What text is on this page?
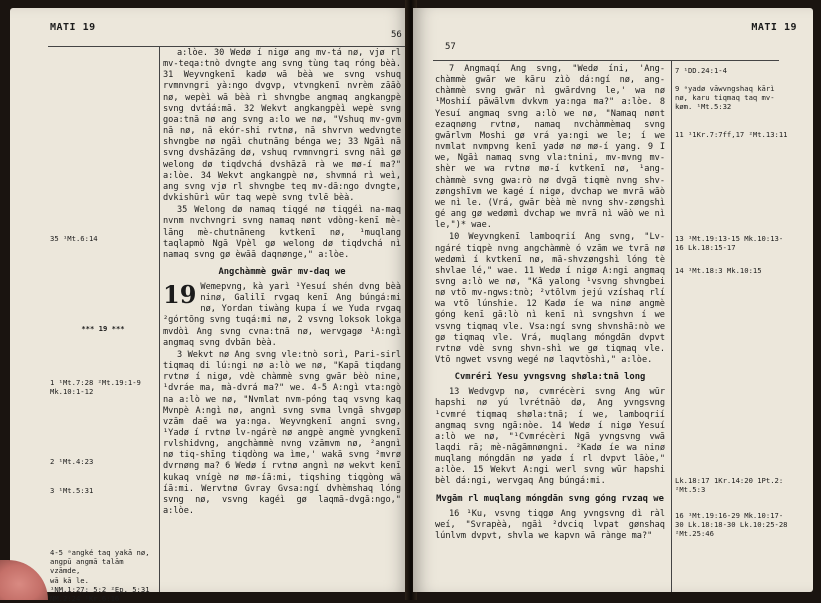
MATI 19
56
35 ¹Mt.6:14
*** 19 ***
1 ¹Mt.7:28 ²Mt.19:1-9
Mk.10:1-12
2 ¹Mt.4:23
3 ¹Mt.5:31
4-5 ᵃangké taq yakā nø,
angpū angmā talām vzāmde,
wā kā le.
¹NM.1:27; 5:2 ²Ep. 5:31
NM.2:24 ¹Kr.6:16

a:lòe. 30 Wedø í nigø ang mv-tá nø, vjø rl mv-teqa:tnò dvngte ang svng tùng taq róng bèà. 31 Weyvngkenī kadø wā bèà we svng vshuq rvmnvngri yà:ngo dvgvp, vtvngkenī nvrèm zāāò nø, wepèì wā bèà rì shvngbe angmaq angkangpè svng dvtáá:mā. 32 Wekvt angkangpèì wepè svng goa:tnā nø ang svng a:lo we nø, "Vshuq mv-gvm nā nø, nā ekór-shi rvtnø, nā shvrvn wedvngte shvngbe nø ngāì chutnāng bénga we; 33 Ngāì nā svng dvshāzāng dø, vshuq rvmnvngri svng nāì gø welong dø tiqdvchá dvshāzā rà we mø-í ma?" a:lòe. 34 Wekvt angkangpè nø, shvmná rì weì, ang svng vjø rl shvngbe teq mv-dā:ngo dvngte, dvkishūrì wūr taq wepè svng tvlē bèà.

35 Welong dø namaq tiqgé nø tiqgéì na-maq nvnm nvchvngri svng namaq nønt vdòng-kenī mè-lāng mè-chutnāneng kvtkenī nø, ¹muqlang taqlapmò Ngā Vpèl gø welong dø tiqdvchá nì namaq svng gø èwāā daqnønge," a:lòe.

Angchàmmè gwār mv-daq we

19 Wemepvng, kà yarì ¹Yesuí shén dvng bèà ninø, Galilī rvgaq kenī Ang búngá:mi nø, Yordan tiwàng kupa í we Yuda rvgaq ²górtōng svng tuqá:mi nø, 2 vsvng loksok lokga mvdòì Ang svng cvna:tnā nø, wervgagø ¹A:ngì angmaq svng dvbān bèà.

3 Wekvt nø Ang svng vle:tnò sorì, Pari-sirl tiqmaq di lú:ngi nø a:lò we nø, "Kapā tiqdang rvtnø í nigø, vdè chàmmè svng gwār bèò nine, ¹dvráe ma, mà-dvrá ma?" we. 4-5 A:ngì vta:ngò na a:lò we nø, "Nvmlat nvm-póng taq vsvng kaq Mvnpè A:ngì nø, angnì svng svma lvngā shvgøp vzām daē wa ya:nga. Weyvngkenī angni svng, ¹Yadø í rvtnø lv-ngárè nø angpè angmè yvngkenī rvlshidvng, angchàmmè nvng vzāmvm nø, ²angnì nø tiq-shīng tiqdòng wa ìme,' wakā svng ²mvrø dvrnøng ma? 6 Wedø í rvtnø angnì nø wekvt kenī kukaq vnígè nø mø-íā:mi, tiqshing tiqgòng wā íā:mi. Wervtnø Gvray Gvsa:ngí dvhèmshaq lóng svng nø, vsvng kagéì gø laqmā-dvgā:ngo," a:lòe.

MATI 19
57

7 Angmaqí Ang svng, "Wedø íni, 'Ang-chàmmè gwār we kāru zìò dá:ngí nø, ang-chàmmè svng gwār nì gwārdvng le,' wa nø ¹Moshií pāwālvm dvkvm ya:nga ma?" a:lòe. 8 Yesuí angmaq svng a:lò we nø, "Namaq nønt ezaqnøng rvtnø, namaq nvchàmmèmaq svng gwārlvm Moshi gø vrá ya:ngi we le; í we nvmlat nvmpvng kenī yadø nø mø-í yang. 9 I we, Ngāì namaq svng vla:tnini, mv-mvng mv-shèr we wa rvtnø mø-í kvtkenī nø, ¹ang-chàmmè svng gwa:rò nø dvgā tiqmè nvng shv-zøngshīvm we kagé í nigø, dvchap we mvrā wāò we nì le. (Vrá, gwār bèà mè nvng shv-zøngshì gé ang gø wedømì dvchap we mvrā nì wāò we nì le,")* wae.

10 Weyvngkenī lamboqrií Ang svng, "Lv-ngáré tiqpè nvng angchàmmè ó vzām we tvrā nø wedømì í kvtkenī nø, mā-shvzøngshì lóng tè shvlae lé," wae. 11 Wedø í nigø A:ngi angmaq svng a:lò we nø, "Kā yalong ¹vsvng shvngbei nø vtō mv-ngws:tnò; ²vtōlvm jejú vzíshaq rlí wa vtō lúnshie. 12 Kadø íe wa ninø angmè góng kenī gā:lò nì kenī nì svngshvn í we vsvng tiqmaq vle. Vsa:ngí svng shvnshā:nò we gø tiqmaq vle. Vrá, muqlang móngdān dvpvt rvtnø vdè svng shvn-shì we gø tiqmaq vle. Vtō ngwet vsvng wegé nø laqvtòshì," a:lòe.

Cvmréri Yesu yvngsvng shøla:tnā long

13 Wedvgvp nø, cvmrécèri svng Ang wūr hapshi nø yú lvrétnāò dø, Ang yvngsvng ¹cvmré tiqmaq shøla:tnā; í we, lamboqrií angmaq svng ngā:nòe. 14 Wedø í nigø Yesuí a:lò we nø, "¹Cvmrécèri Ngā yvngsvng vwā laqdi rā; mè-nāgāmnøngni. ²Kadø íe wa ninø muqlang móngdān nø yadø í rl dvpvt lāòe," a:lòe. 15 Wekvt A:ngi werl svng wūr hapshi bèl dá:ngi, wervgaq Ang búngá:mi.

Mvgām rl muqlang móngdān svng góng rvzaq we

16 ¹Ku, vsvng tiqgø Ang yvngsvng dì ràl weí, "Svrapèà, ngāì ²dvciq lvpat gønshaq lúnlvm dvpvt, shvla we kapvn wā rànge ma?"

7 ¹DD.24:1-4
9 ᵃyadø vāwvngshaq kārì
nø, karu tiqmaq taq mv-
køm. ¹Mt.5:32
11 ¹1Kr.7:7ff,17 ²Mt.13:11
13 ¹Mt.19:13-15 Mk.10:13-
16 Lk.18:15-17
14 ¹Mt.18:3 Mk.10:15
Lk.18:17 1Kr.14:20 1Pt.2:
²Mt.5:3
16 ¹Mt.19:16-29 Mk.10:17-
30 Lk.18:18-30 Lk.10:25-28
²Mt.25:46
